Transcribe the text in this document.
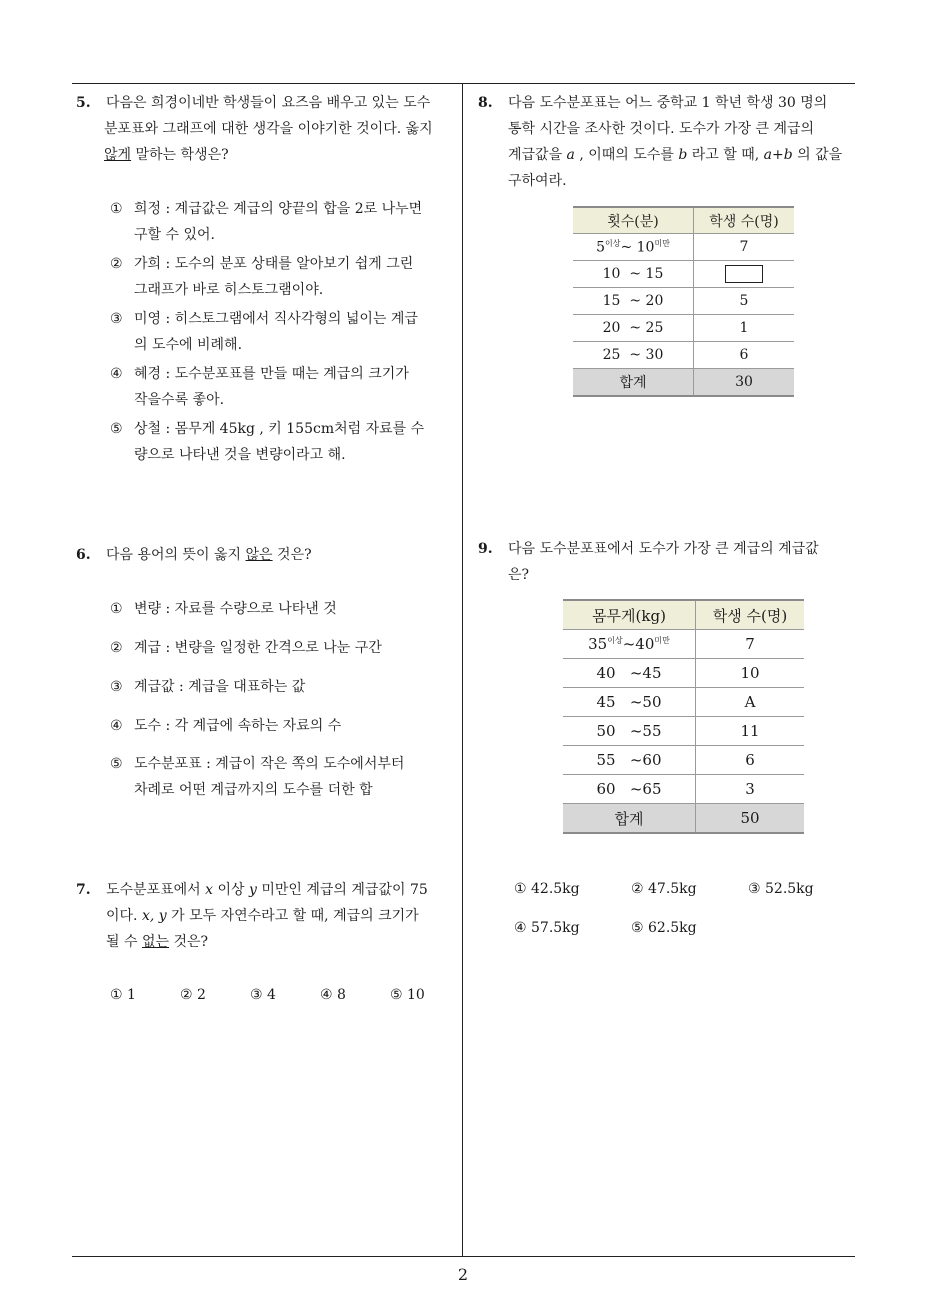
5. 다음은 희경이네반 학생들이 요즈음 배우고 있는 도수
분포표와 그래프에 대한 생각을 이야기한 것이다. 옳지
않게 말하는 학생은?
① 희정 : 계급값은 계급의 양끝의 합을 2로 나누면
구할 수 있어.
② 가희 : 도수의 분포 상태를 알아보기 쉽게 그린
그래프가 바로 히스토그램이야.
③ 미영 : 히스토그램에서 직사각형의 넓이는 계급
의 도수에 비례해.
④ 혜경 : 도수분포표를 만들 때는 계급의 크기가
작을수록 좋아.
⑤ 상철 : 몸무게 45kg , 키 155cm처럼 자료를 수
량으로 나타낸 것을 변량이라고 해.
6. 다음 용어의 뜻이 옳지 않은 것은?
① 변량 : 자료를 수량으로 나타낸 것
② 계급 : 변량을 일정한 간격으로 나눈 구간
③ 계급값 : 계급을 대표하는 값
④ 도수 : 각 계급에 속하는 자료의 수
⑤ 도수분포표 : 계급이 작은 쪽의 도수에서부터
차례로 어떤 계급까지의 도수를 더한 합
7. 도수분포표에서 x 이상 y 미만인 계급의 계급값이 75
이다. x, y 가 모두 자연수라고 할 때, 계급의 크기가
될 수 없는 것은?
① 1	② 2	③ 4	④ 8	⑤ 10
8. 다음 도수분포표는 어느 중학교 1 학년 학생 30 명의
통학 시간을 조사한 것이다. 도수가 가장 큰 계급의
계급값을 a , 이때의 도수를 b 라고 할 때, a+b 의 값을
구하여라.
횟수(분)	학생 수(명)
$5^{이상}\sim$ $10^{미만}$	7
10  ~ 15	
15  ~ 20	5
20  ~ 25	1
25  ~ 30	6
합계	30
9. 다음 도수분포표에서 도수가 가장 큰 계급의 계급값
은?
몸무게(kg)	학생 수(명)
$35^{이상}\sim 40^{미만}$	7
40   ~45	10
45   ~50	A
50   ~55	11
55   ~60	6
60   ~65	3
합계	50
① 42.5kg	② 47.5kg	③ 52.5kg
④ 57.5kg	⑤ 62.5kg
2
